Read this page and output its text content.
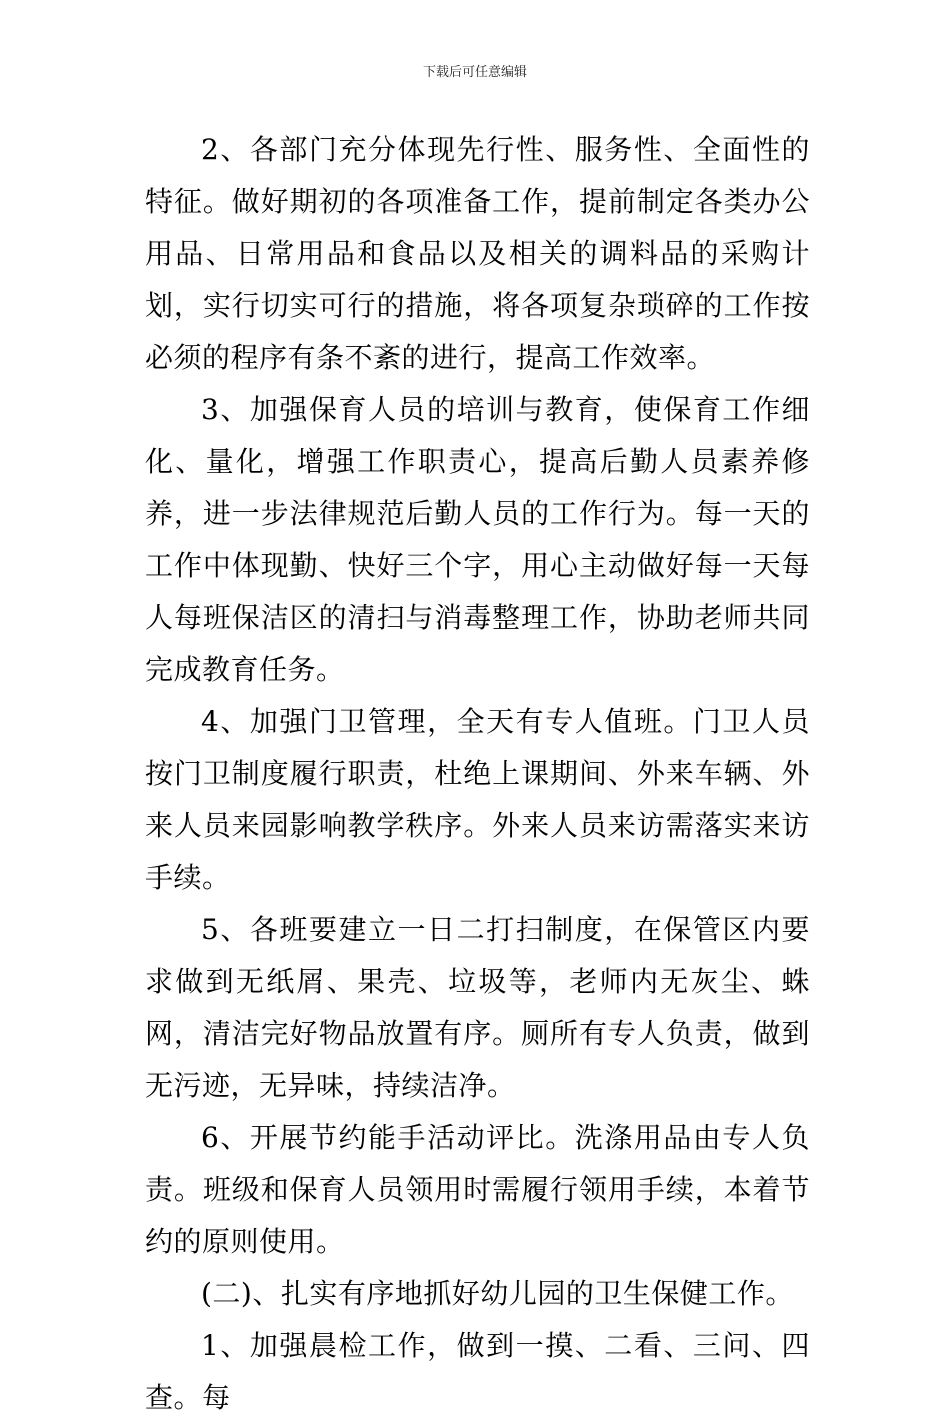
下载后可任意编辑

2、各部门充分体现先行性、服务性、全面性的特征。做好期初的各项准备工作，提前制定各类办公用品、日常用品和食品以及相关的调料品的采购计划，实行切实可行的措施，将各项复杂琐碎的工作按必须的程序有条不紊的进行，提高工作效率。

3、加强保育人员的培训与教育，使保育工作细化、量化，增强工作职责心，提高后勤人员素养修养，进一步法律规范后勤人员的工作行为。每一天的工作中体现勤、快好三个字，用心主动做好每一天每人每班保洁区的清扫与消毒整理工作，协助老师共同完成教育任务。

4、加强门卫管理，全天有专人值班。门卫人员按门卫制度履行职责，杜绝上课期间、外来车辆、外来人员来园影响教学秩序。外来人员来访需落实来访手续。

5、各班要建立一日二打扫制度，在保管区内要求做到无纸屑、果壳、垃圾等，老师内无灰尘、蛛网，清洁完好物品放置有序。厕所有专人负责，做到无污迹，无异味，持续洁净。

6、开展节约能手活动评比。洗涤用品由专人负责。班级和保育人员领用时需履行领用手续，本着节约的原则使用。

(二)、扎实有序地抓好幼儿园的卫生保健工作。

1、加强晨检工作，做到一摸、二看、三问、四查。每
